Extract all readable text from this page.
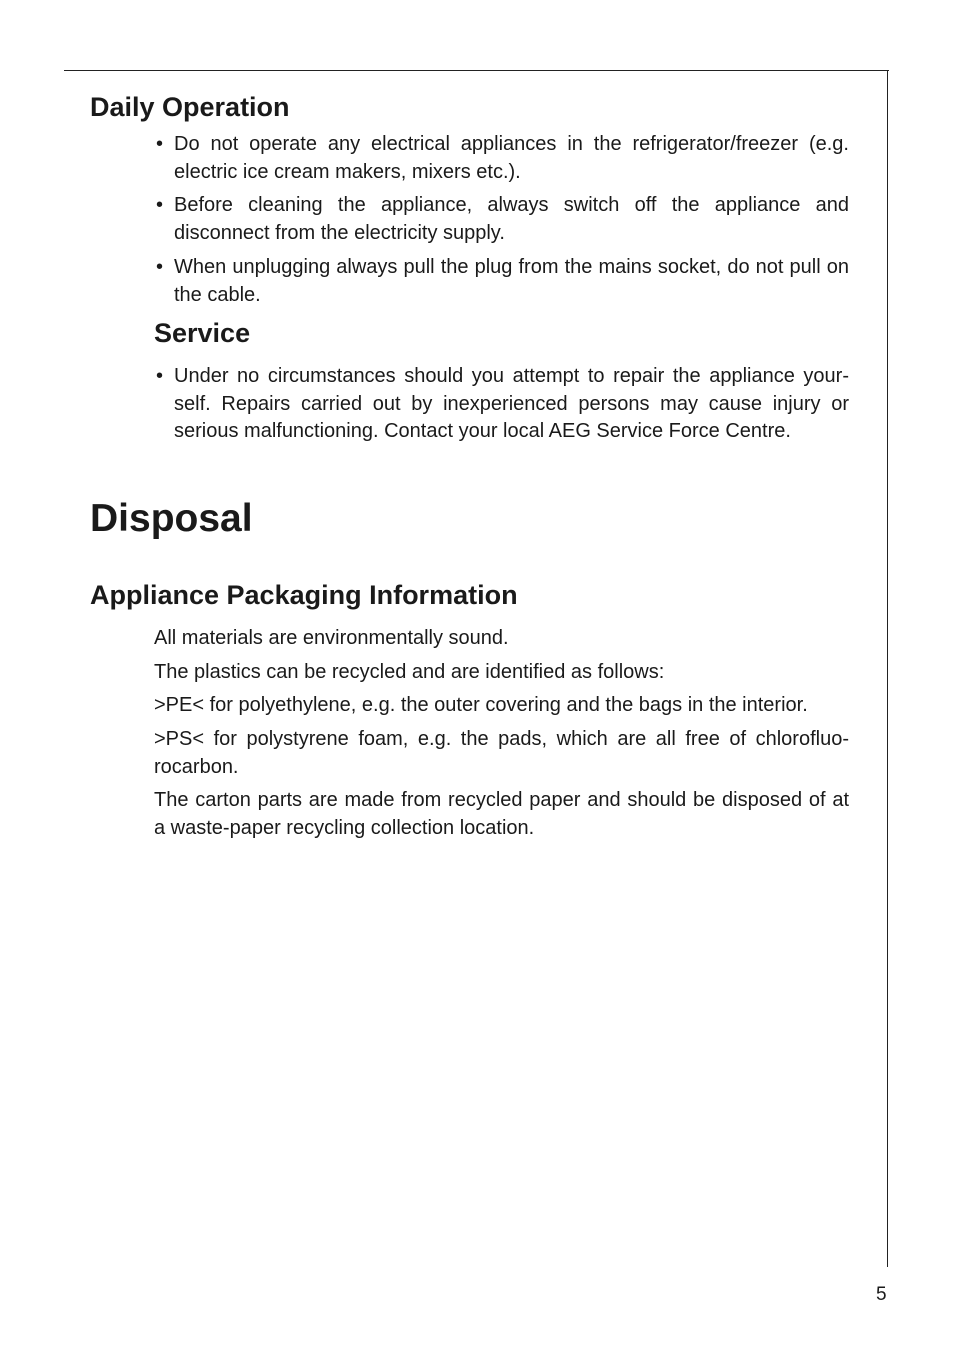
Daily Operation

• Do not operate any electrical appliances in the refrigerator/freezer (e.g. electric ice cream makers, mixers etc.).

• Before cleaning the appliance, always switch off the appliance and disconnect from the electricity supply.

• When unplugging always pull the plug from the mains socket, do not pull on the cable.

Service

• Under no circumstances should you attempt to repair the appliance your-self. Repairs carried out by inexperienced persons may cause injury or serious malfunctioning. Contact your local AEG Service Force Centre.

Disposal
Appliance Packaging Information

All materials are environmentally sound.

The plastics can be recycled and are identified as follows:

>PE< for polyethylene, e.g. the outer covering and the bags in the interior.

>PS< for polystyrene foam, e.g. the pads, which are all free of chlorofluo-rocarbon.

The carton parts are made from recycled paper and should be disposed of at a waste-paper recycling collection location.

5
